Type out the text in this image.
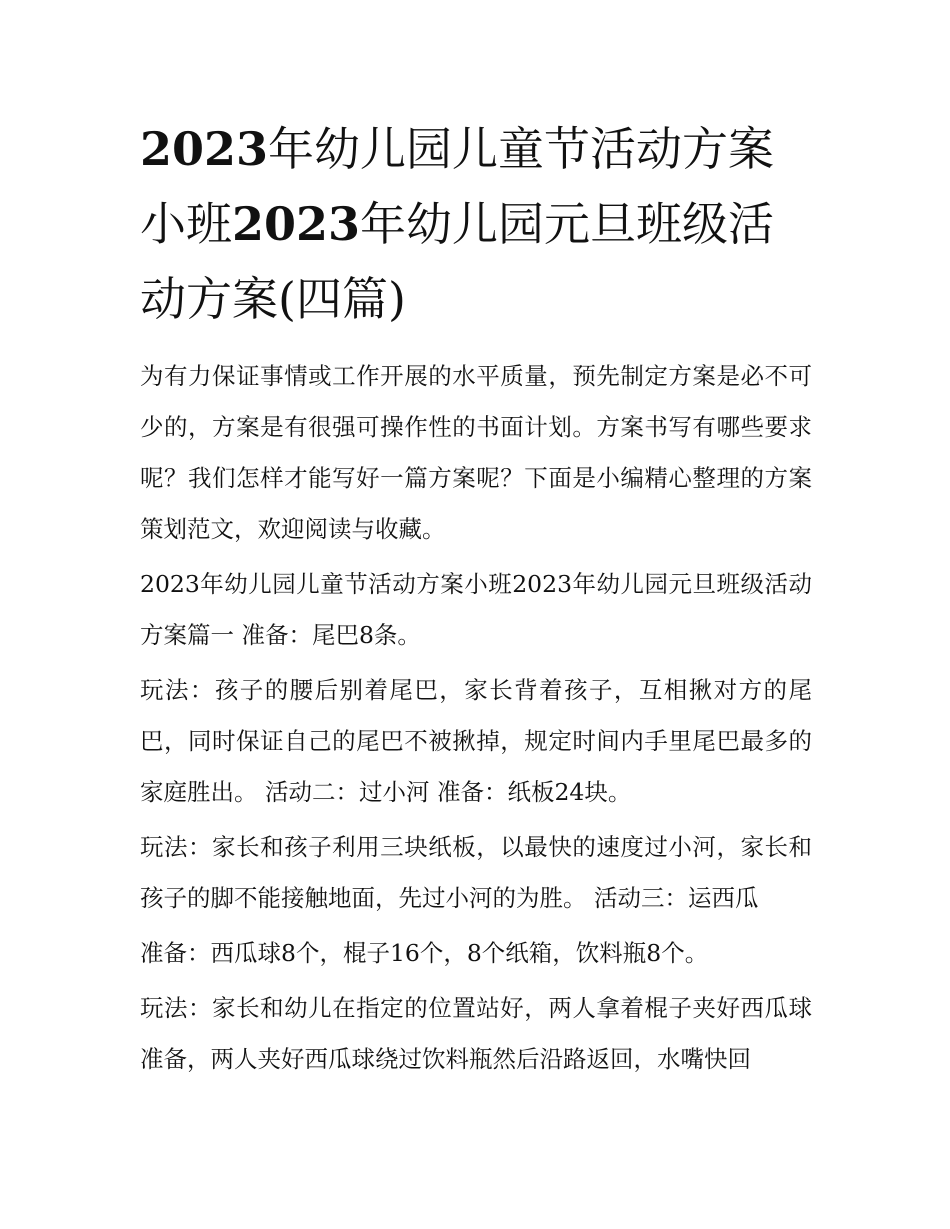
2023年幼儿园儿童节活动方案小班2023年幼儿园元旦班级活动方案(四篇)

为有力保证事情或工作开展的水平质量，预先制定方案是必不可少的，方案是有很强可操作性的书面计划。方案书写有哪些要求呢？我们怎样才能写好一篇方案呢？下面是小编精心整理的方案策划范文，欢迎阅读与收藏。

2023年幼儿园儿童节活动方案小班2023年幼儿园元旦班级活动方案篇一 准备：尾巴8条。

玩法：孩子的腰后别着尾巴，家长背着孩子，互相揪对方的尾巴，同时保证自己的尾巴不被揪掉，规定时间内手里尾巴最多的家庭胜出。 活动二：过小河 准备：纸板24块。

玩法：家长和孩子利用三块纸板，以最快的速度过小河，家长和孩子的脚不能接触地面，先过小河的为胜。 活动三：运西瓜

准备：西瓜球8个，棍子16个，8个纸箱，饮料瓶8个。

玩法：家长和幼儿在指定的位置站好，两人拿着棍子夹好西瓜球准备，两人夹好西瓜球绕过饮料瓶然后沿路返回，水嘴快回
